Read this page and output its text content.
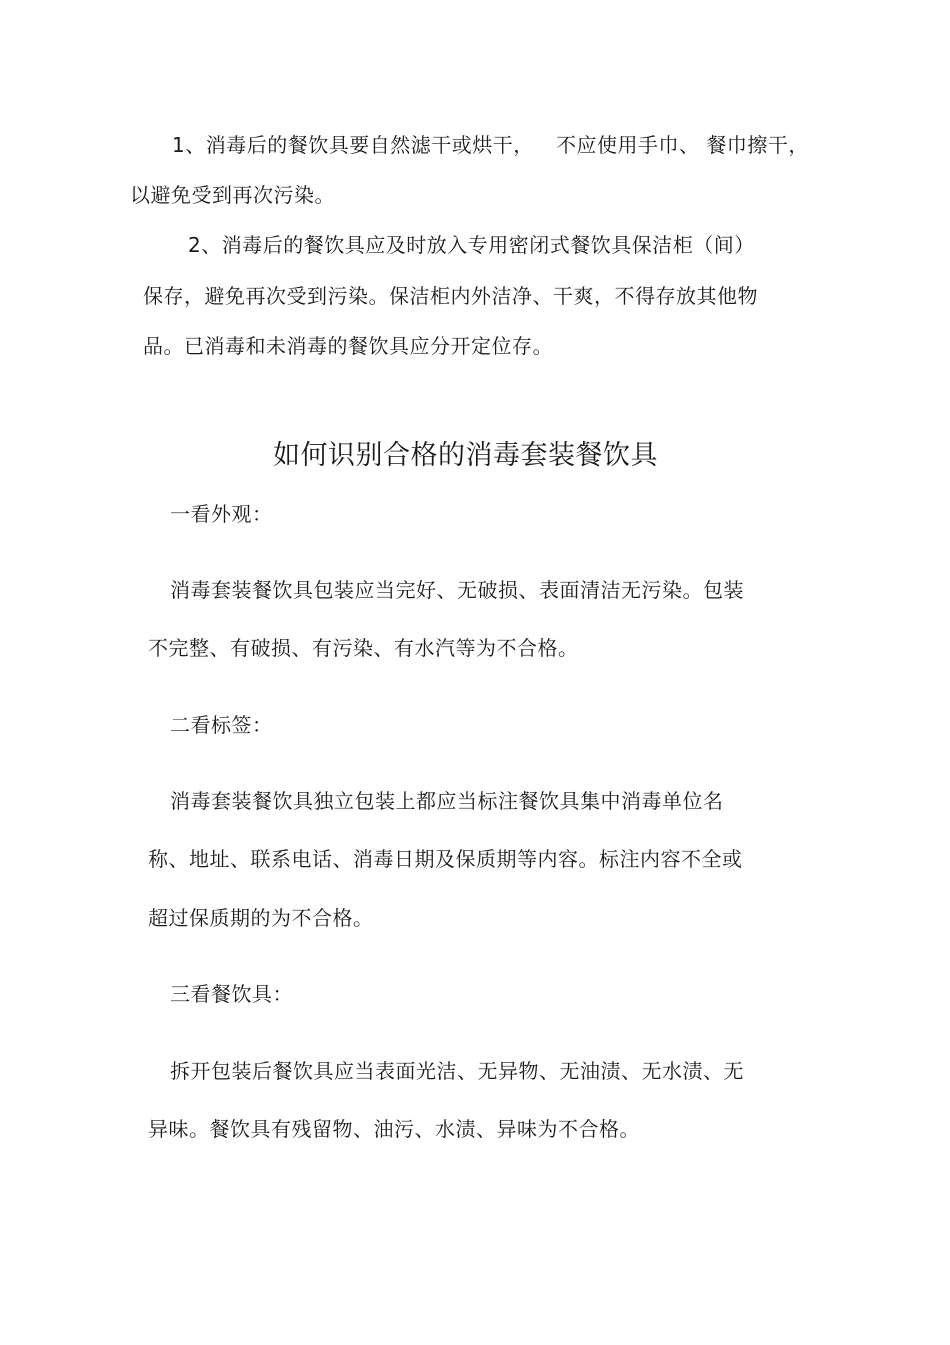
1、消毒后的餐饮具要自然滤干或烘干， 不应使用手巾、 餐巾擦干，
以避免受到再次污染。
2、消毒后的餐饮具应及时放入专用密闭式餐饮具保洁柜（间）
保存，避免再次受到污染。保洁柜内外洁净、干爽，不得存放其他物
品。已消毒和未消毒的餐饮具应分开定位存。
如何识别合格的消毒套装餐饮具
一看外观：
消毒套装餐饮具包装应当完好、无破损、表面清洁无污染。包装
不完整、有破损、有污染、有水汽等为不合格。
二看标签：
消毒套装餐饮具独立包装上都应当标注餐饮具集中消毒单位名
称、地址、联系电话、消毒日期及保质期等内容。标注内容不全或
超过保质期的为不合格。
三看餐饮具：
拆开包装后餐饮具应当表面光洁、无异物、无油渍、无水渍、无
异味。餐饮具有残留物、油污、水渍、异味为不合格。
